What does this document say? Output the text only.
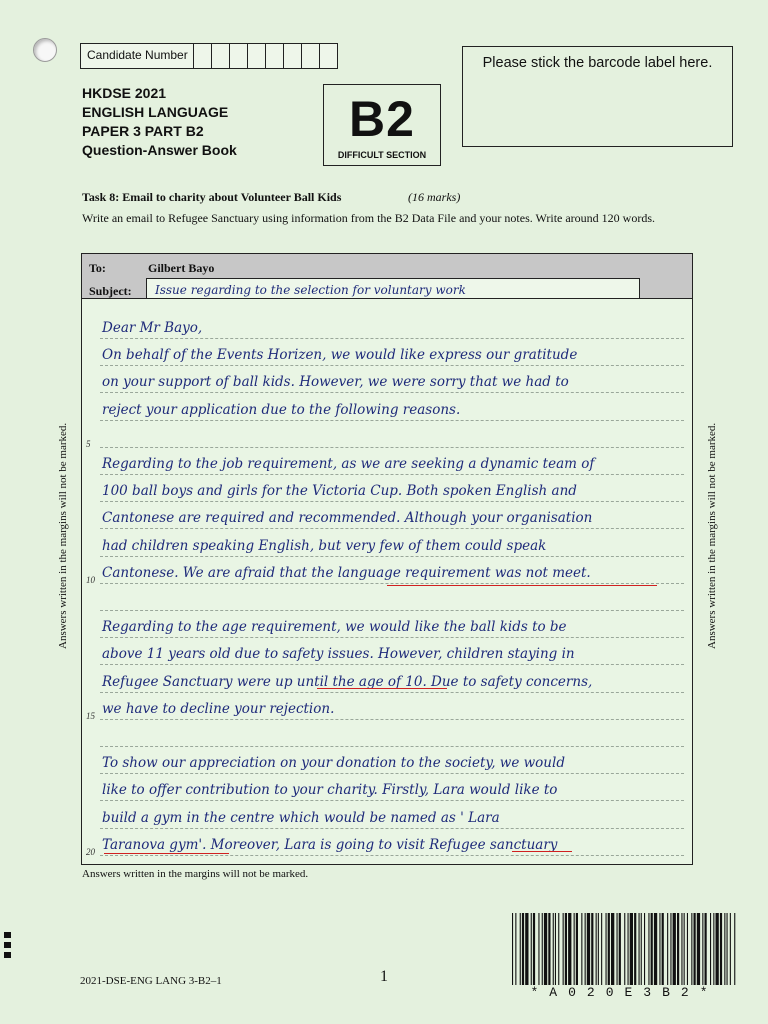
Candidate Number	Please stick the barcode label here.
HKDSE 2021
ENGLISH LANGUAGE
PAPER 3 PART B2
Question-Answer Book
B2
DIFFICULT SECTION
Task 8: Email to charity about Volunteer Ball Kids	(16 marks)
Write an email to Refugee Sanctuary using information from the B2 Data File and your notes. Write around 120 words.
Answers written in the margins will not be marked.	Answers written in the margins will not be marked.
To:	Gilbert Bayo
Subject:	Issue regarding to the selection for voluntary work
Dear Mr Bayo,
On behalf of the Events Horizen, we would like express our gratitude
on your support of ball kids. However, we were sorry that we had to
reject your application due to the following reasons.
5
Regarding to the job requirement, as we are seeking a dynamic team of
100 ball boys and girls for the Victoria Cup. Both spoken English and
Cantonese are required and recommended. Although your organisation
had children speaking English, but very few of them could speak
Cantonese. We are afraid that the language requirement was not meet.
10
Regarding to the age requirement, we would like the ball kids to be
above 11 years old due to safety issues. However, children staying in
Refugee Sanctuary were up until the age of 10. Due to safety concerns,
we have to decline your rejection.
15
To show our appreciation on your donation to the society, we would
like to offer contribution to your charity. Firstly, Lara would like to
build a gym in the centre which would be named as ' Lara
Taranova gym'. Moreover, Lara is going to visit Refugee sanctuary
20
Answers written in the margins will not be marked.
2021-DSE-ENG LANG 3-B2–1	1
*A020E3B2*
